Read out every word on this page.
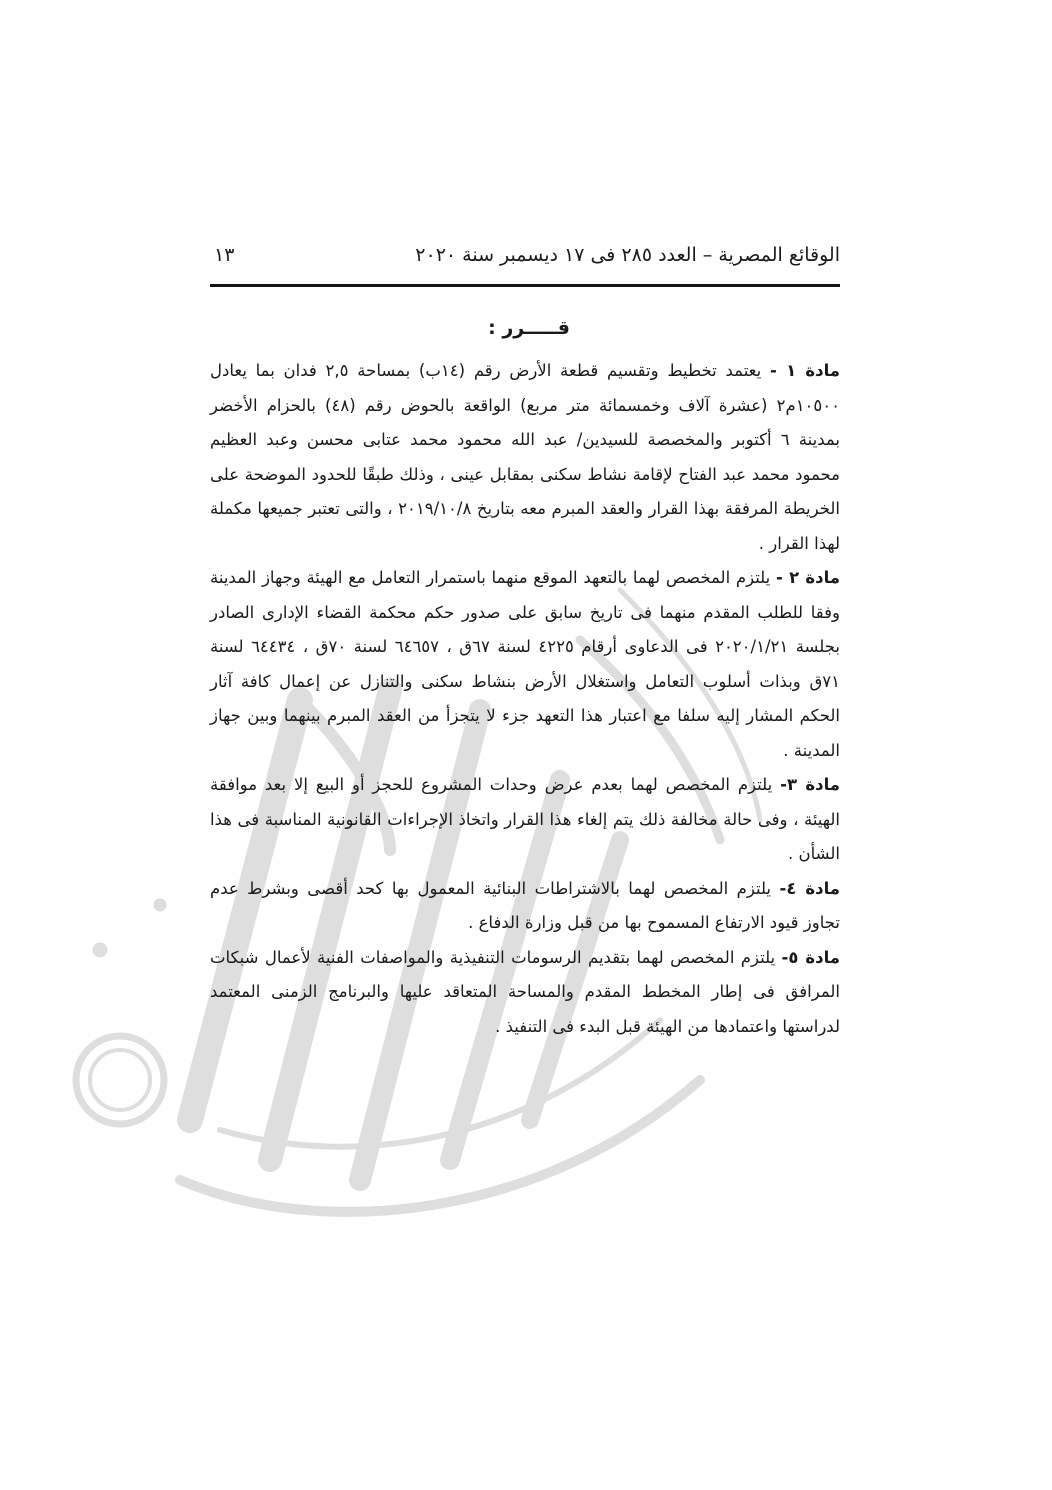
الوقائع المصرية – العدد ٢٨٥ فى ١٧ ديسمبر سنة ٢٠٢٠
١٣
قـــــرر :

مادة ١ - يعتمد تخطيط وتقسيم قطعة الأرض رقم (١٤ب) بمساحة ٢,٥ فدان بما يعادل ١٠٥٠٠م٢ (عشرة آلاف وخمسمائة متر مربع) الواقعة بالحوض رقم (٤٨) بالحزام الأخضر بمدينة ٦ أكتوبر والمخصصة للسيدين/ عبد الله محمود محمد عتابى محسن وعبد العظيم محمود محمد عبد الفتاح لإقامة نشاط سكنى بمقابل عينى ، وذلك طبقًا للحدود الموضحة على الخريطة المرفقة بهذا القرار والعقد المبرم معه بتاريخ ٢٠١٩/١٠/٨ ، والتى تعتبر جميعها مكملة لهذا القرار .

مادة ٢ - يلتزم المخصص لهما بالتعهد الموقع منهما باستمرار التعامل مع الهيئة وجهاز المدينة وفقا للطلب المقدم منهما فى تاريخ سابق على صدور حكم محكمة القضاء الإدارى الصادر بجلسة ٢٠٢٠/١/٢١ فى الدعاوى أرقام ٤٢٢٥ لسنة ٦٧ق ، ٦٤٦٥٧ لسنة ٧٠ق ، ٦٤٤٣٤ لسنة ٧١ق وبذات أسلوب التعامل واستغلال الأرض بنشاط سكنى والتنازل عن إعمال كافة آثار الحكم المشار إليه سلفا مع اعتبار هذا التعهد جزء لا يتجزأ من العقد المبرم بينهما وبين جهاز المدينة .

مادة ٣- يلتزم المخصص لهما بعدم عرض وحدات المشروع للحجز أو البيع إلا بعد موافقة الهيئة ، وفى حالة مخالفة ذلك يتم إلغاء هذا القرار واتخاذ الإجراءات القانونية المناسبة فى هذا الشأن .

مادة ٤- يلتزم المخصص لهما بالاشتراطات البنائية المعمول بها كحد أقصى وبشرط عدم تجاوز قيود الارتفاع المسموح بها من قبل وزارة الدفاع .

مادة ٥- يلتزم المخصص لهما بتقديم الرسومات التنفيذية والمواصفات الفنية لأعمال شبكات المرافق فى إطار المخطط المقدم والمساحة المتعاقد عليها والبرنامج الزمنى المعتمد لدراستها واعتمادها من الهيئة قبل البدء فى التنفيذ .
